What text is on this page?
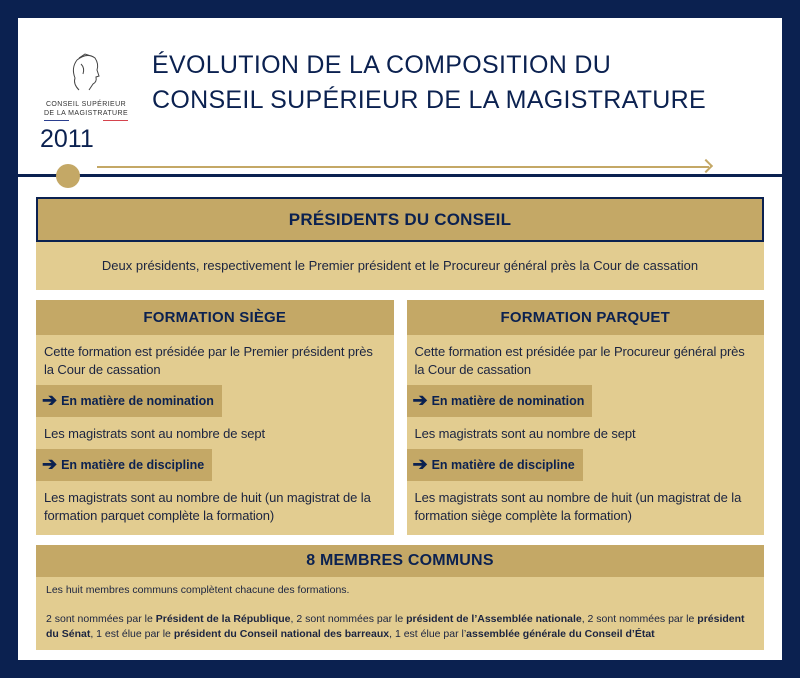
CONSEIL SUPÉRIEUR
DE LA MAGISTRATURE
ÉVOLUTION DE LA COMPOSITION DU
CONSEIL SUPÉRIEUR DE LA MAGISTRATURE
2011
PRÉSIDENTS DU CONSEIL

Deux présidents, respectivement le Premier président et le Procureur général près la Cour de cassation

FORMATION SIÈGE

Cette formation est présidée par le Premier président près la Cour de cassation

➔ En matière de nomination

Les magistrats sont au nombre de sept

➔ En matière de discipline

Les magistrats sont au nombre de huit (un magistrat de la formation parquet complète la formation)

FORMATION PARQUET

Cette formation est présidée par le Procureur général près la Cour de cassation

➔ En matière de nomination

Les magistrats sont au nombre de sept

➔ En matière de discipline

Les magistrats sont au nombre de huit (un magistrat de la formation siège complète la formation)

8 MEMBRES COMMUNS

Les huit membres communs complètent chacune des formations.

2 sont nommées par le Président de la République, 2 sont nommées par le président de l’Assemblée nationale, 2 sont nommées par le président du Sénat, 1 est élue par le président du Conseil national des barreaux, 1 est élue par l’assemblée générale du Conseil d’État
